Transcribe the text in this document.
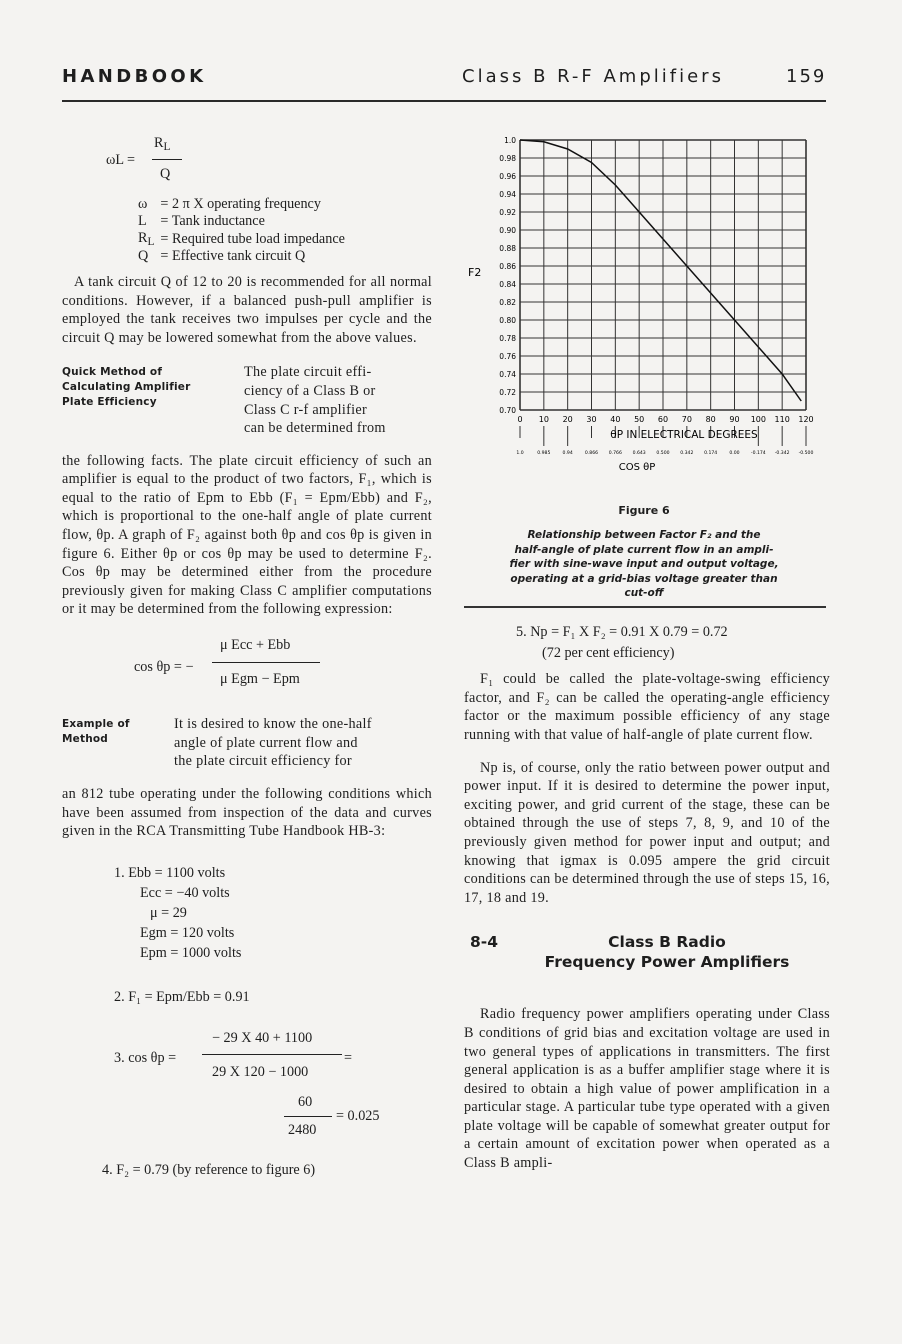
HANDBOOK	Class B R-F Amplifiers	159
ωL =
$R_L$
Q
ω	= 2 π X operating frequency
L	= Tank inductance
$R_L$	= Required tube load impedance
Q	= Effective tank circuit Q

A tank circuit Q of 12 to 20 is recommended for all normal conditions. However, if a balanced push-pull amplifier is employed the tank receives two impulses per cycle and the circuit Q may be lowered somewhat from the above values.

Quick Method of
Calculating Amplifier
Plate Efficiency
The plate circuit effi-
ciency of a Class B or
Class C r-f amplifier
can be determined from

the following facts. The plate circuit efficiency of such an amplifier is equal to the product of two factors, F₁, which is equal to the ratio of Epm to Ebb (F₁ = Epm/Ebb) and F₂, which is proportional to the one-half angle of plate current flow, θp. A graph of F₂ against both θp and cos θp is given in figure 6. Either θp or cos θp may be used to determine F₂. Cos θp may be determined either from the procedure previously given for making Class C amplifier computations or it may be determined from the following expression:

cos θp = −
μ Ecc + Ebb
μ Egm − Epm
Example of
Method
It is desired to know the one-half
angle of plate current flow and
the plate circuit efficiency for

an 812 tube operating under the following conditions which have been assumed from inspection of the data and curves given in the RCA Transmitting Tube Handbook HB-3:

1. Ebb = 1100 volts
Ecc = −40 volts
μ = 29
Egm = 120 volts
Epm = 1000 volts
2. F₁ = Epm/Ebb = 0.91
3. cos θp =
− 29 X 40 + 1100
29 X 120 − 1000
=
60
2480
= 0.025
4. F₂ = 0.79 (by reference to figure 6)
1.0
0.98
0.96
0.94
0.92
0.90
0.88
0.86
0.84
0.82
0.80
0.78
0.76
0.74
0.72
0.70
0 10 20 30 40 50 60 70 80 90 100 110 120
1.0	0.985	0.94	0.866 0.766 0.643 0.500 0.342 0.174	0.00 -0.174 -0.342 -0.500
F2
θP IN ELECTRICAL DEGREES
COS θP
Figure 6
Relationship between Factor F₂ and the
half-angle of plate current flow in an ampli-
fier with sine-wave input and output voltage,
operating at a grid-bias voltage greater than
cut-off
5. Np = F₁ X F₂ = 0.91 X 0.79 = 0.72
(72 per cent efficiency)

F₁ could be called the plate-voltage-swing efficiency factor, and F₂ can be called the operating-angle efficiency factor or the maximum possible efficiency of any stage running with that value of half-angle of plate current flow.

Np is, of course, only the ratio between power output and power input. If it is desired to determine the power input, exciting power, and grid current of the stage, these can be obtained through the use of steps 7, 8, 9, and 10 of the previously given method for power input and output; and knowing that igmax is 0.095 ampere the grid circuit conditions can be determined through the use of steps 15, 16, 17, 18 and 19.

8-4	Class B Radio
Frequency Power Amplifiers

Radio frequency power amplifiers operating under Class B conditions of grid bias and excitation voltage are used in two general types of applications in transmitters. The first general application is as a buffer amplifier stage where it is desired to obtain a high value of power amplification in a particular stage. A particular tube type operated with a given plate voltage will be capable of somewhat greater output for a certain amount of excitation power when operated as a Class B ampli-
